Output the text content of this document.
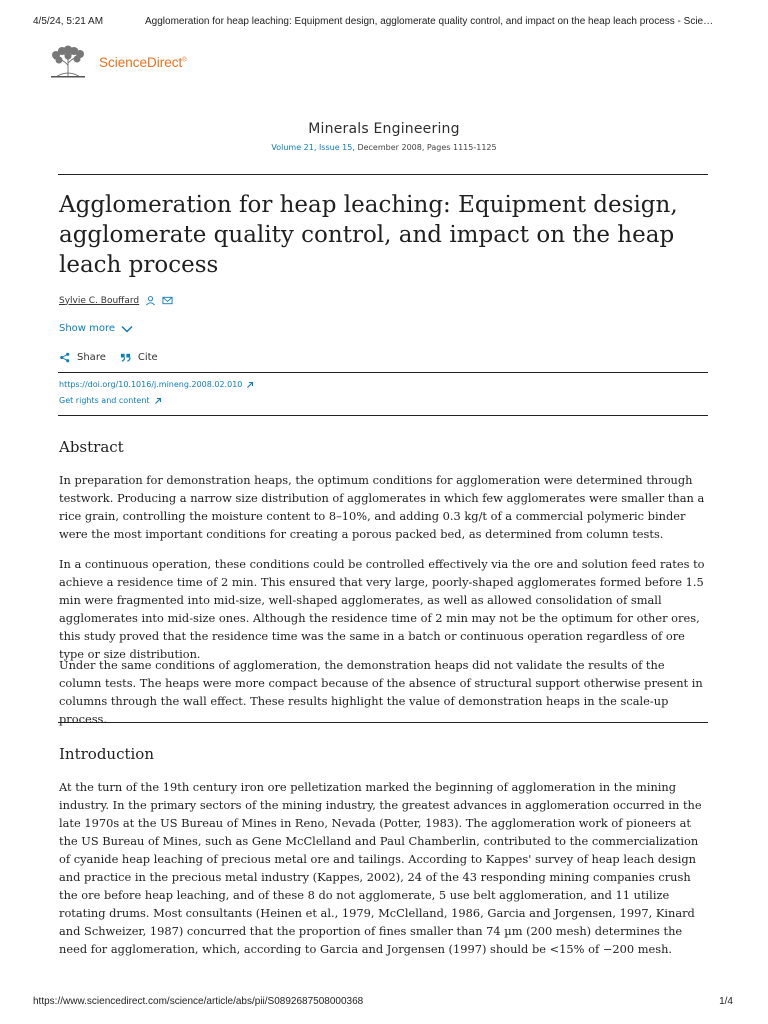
4/5/24, 5:21 AM	Agglomeration for heap leaching: Equipment design, agglomerate quality control, and impact on the heap leach process - Scie…
ScienceDirect®
Minerals Engineering
Volume 21, Issue 15, December 2008, Pages 1115-1125
Agglomeration for heap leaching: Equipment design, agglomerate quality control, and impact on the heap leach process
Sylvie C. Bouffard
Show more
Share	Cite
https://doi.org/10.1016/j.mineng.2008.02.010
Get rights and content
Abstract

In preparation for demonstration heaps, the optimum conditions for agglomeration were determined through testwork. Producing a narrow size distribution of agglomerates in which few agglomerates were smaller than a rice grain, controlling the moisture content to 8–10%, and adding 0.3 kg/t of a commercial polymeric binder were the most important conditions for creating a porous packed bed, as determined from column tests.

In a continuous operation, these conditions could be controlled effectively via the ore and solution feed rates to achieve a residence time of 2 min. This ensured that very large, poorly-shaped agglomerates formed before 1.5 min were fragmented into mid-size, well-shaped agglomerates, as well as allowed consolidation of small agglomerates into mid-size ones. Although the residence time of 2 min may not be the optimum for other ores, this study proved that the residence time was the same in a batch or continuous operation regardless of ore type or size distribution.

Under the same conditions of agglomeration, the demonstration heaps did not validate the results of the column tests. The heaps were more compact because of the absence of structural support otherwise present in columns through the wall effect. These results highlight the value of demonstration heaps in the scale-up process.

Introduction

At the turn of the 19th century iron ore pelletization marked the beginning of agglomeration in the mining industry. In the primary sectors of the mining industry, the greatest advances in agglomeration occurred in the late 1970s at the US Bureau of Mines in Reno, Nevada (Potter, 1983). The agglomeration work of pioneers at the US Bureau of Mines, such as Gene McClelland and Paul Chamberlin, contributed to the commercialization of cyanide heap leaching of precious metal ore and tailings. According to Kappes' survey of heap leach design and practice in the precious metal industry (Kappes, 2002), 24 of the 43 responding mining companies crush the ore before heap leaching, and of these 8 do not agglomerate, 5 use belt agglomeration, and 11 utilize rotating drums. Most consultants (Heinen et al., 1979, McClelland, 1986, Garcia and Jorgensen, 1997, Kinard and Schweizer, 1987) concurred that the proportion of fines smaller than 74 µm (200 mesh) determines the need for agglomeration, which, according to Garcia and Jorgensen (1997) should be <15% of −200 mesh.

https://www.sciencedirect.com/science/article/abs/pii/S0892687508000368	1/4
